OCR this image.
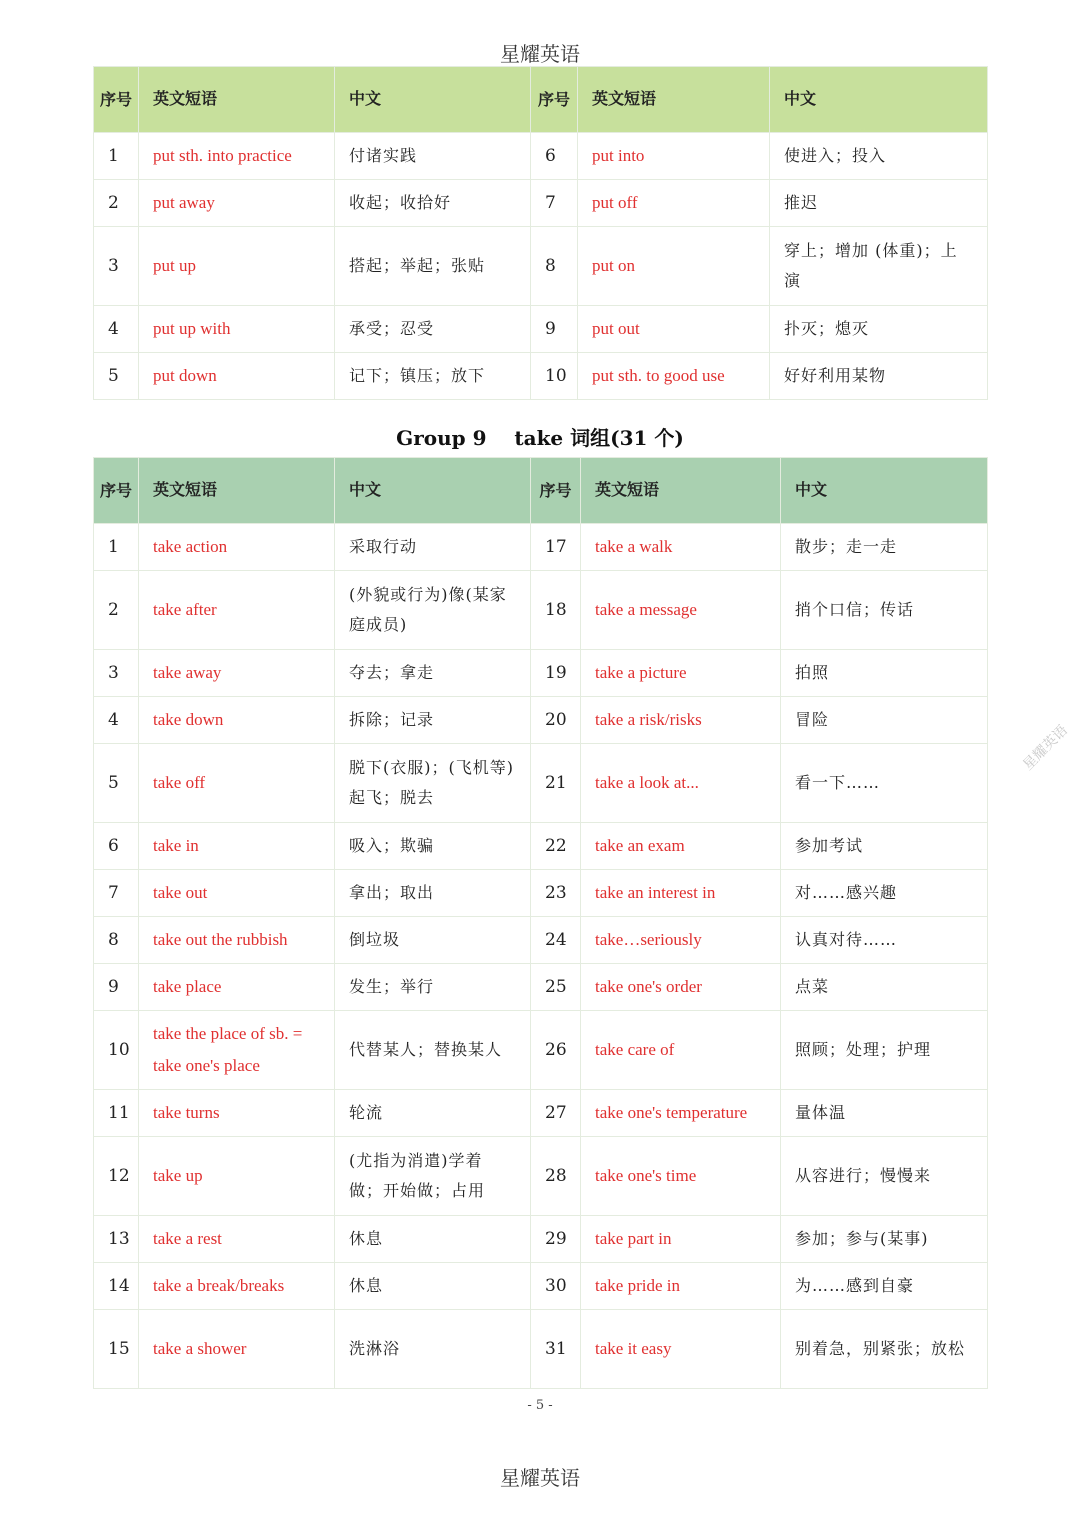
星耀英语
序号	英文短语	中文	序号	英文短语	中文
1	put sth. into practice	付诸实践	6	put into	使进入；投入
2	put away	收起；收拾好	7	put off	推迟
3	put up	搭起；举起；张贴	8	put on	穿上；增加 (体重)；上演
4	put up with	承受；忍受	9	put out	扑灭；熄灭
5	put down	记下；镇压；放下	10	put sth. to good use	好好利用某物
Group 9    take 词组(31 个)
序号	英文短语	中文	序号	英文短语	中文
1	take action	采取行动	17	take a walk	散步；走一走
2	take after	(外貌或行为)像(某家庭成员)	18	take a message	捎个口信；传话
3	take away	夺去；拿走	19	take a picture	拍照
4	take down	拆除；记录	20	take a risk/risks	冒险
5	take off	脱下(衣服)；(飞机等)起飞；脱去	21	take a look at...	看一下……
6	take in	吸入；欺骗	22	take an exam	参加考试
7	take out	拿出；取出	23	take an interest in	对……感兴趣
8	take out the rubbish	倒垃圾	24	take…seriously	认真对待……
9	take place	发生；举行	25	take one's order	点菜
10	take the place of sb. = take one's place	代替某人；替换某人	26	take care of	照顾；处理；护理
11	take turns	轮流	27	take one's temperature	量体温
12	take up	(尤指为消遣)学着做；开始做；占用	28	take one's time	从容进行；慢慢来
13	take a rest	休息	29	take part in	参加；参与(某事)
14	take a break/breaks	休息	30	take pride in	为……感到自豪
15	take a shower	洗淋浴	31	take it easy	别着急，别紧张；放松
- 5 -
星耀英语
星耀英语
